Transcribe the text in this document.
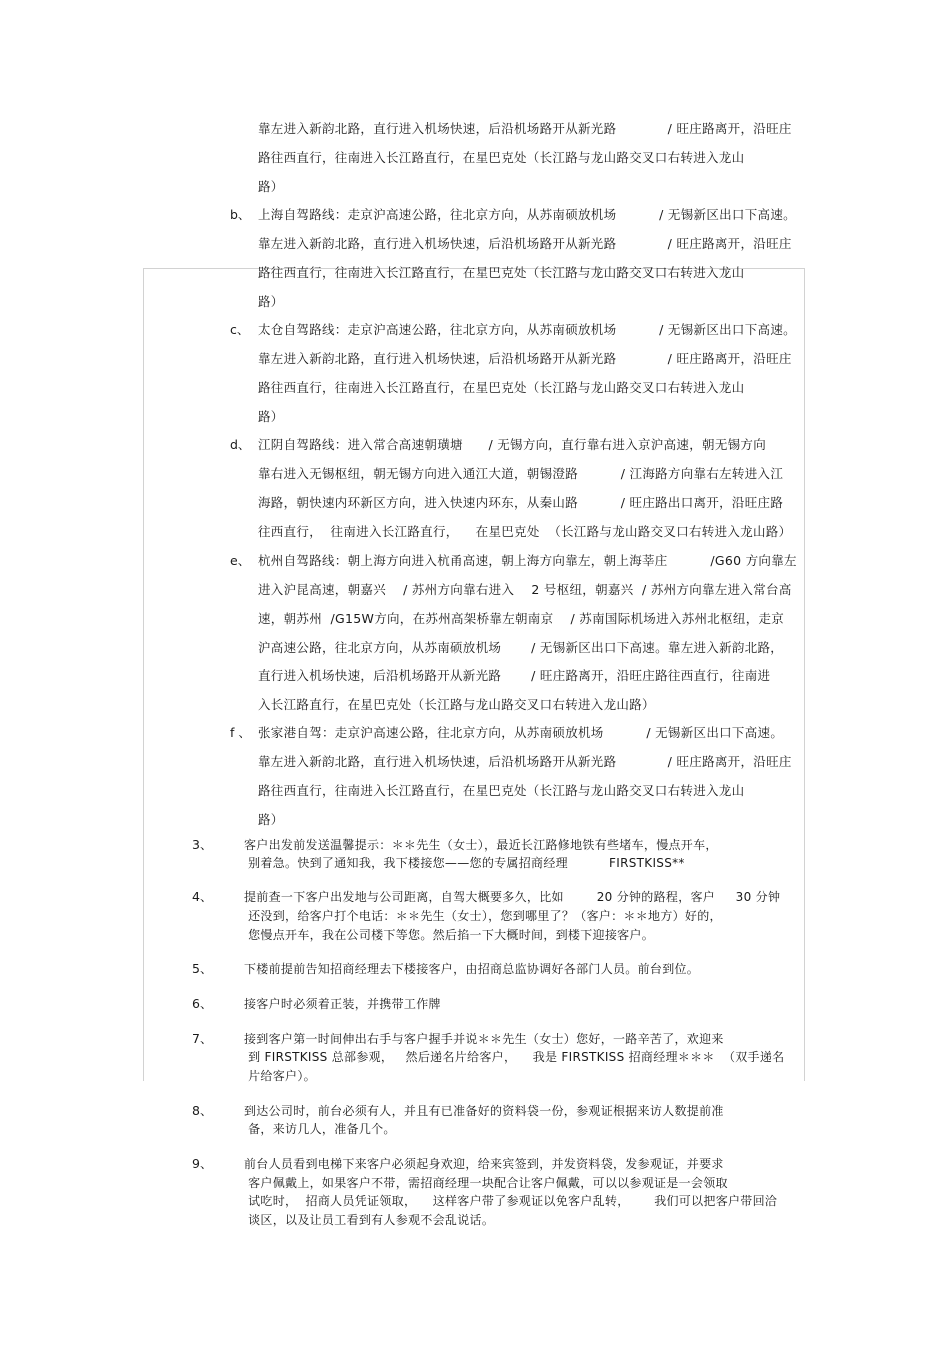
靠左进入新韵北路，直行进入机场快速，后沿机场路开从新光路            / 旺庄路离开，沿旺庄
路往西直行，往南进入长江路直行，在星巴克处（长江路与龙山路交叉口右转进入龙山
路）
b、 上海自驾路线：走京沪高速公路，往北京方向，从苏南硕放机场          / 无锡新区出口下高速。
靠左进入新韵北路，直行进入机场快速，后沿机场路开从新光路            / 旺庄路离开，沿旺庄
路往西直行，往南进入长江路直行，在星巴克处（长江路与龙山路交叉口右转进入龙山
路）
c、 太仓自驾路线：走京沪高速公路，往北京方向，从苏南硕放机场          / 无锡新区出口下高速。
靠左进入新韵北路，直行进入机场快速，后沿机场路开从新光路            / 旺庄路离开，沿旺庄
路往西直行，往南进入长江路直行，在星巴克处（长江路与龙山路交叉口右转进入龙山
路）
d、 江阴自驾路线：进入常合高速朝璜塘      / 无锡方向，直行靠右进入京沪高速，朝无锡方向
靠右进入无锡枢纽，朝无锡方向进入通江大道，朝锡澄路          / 江海路方向靠右左转进入江
海路，朝快速内环新区方向，进入快速内环东，从秦山路          / 旺庄路出口离开，沿旺庄路
往西直行，  往南进入长江路直行，    在星巴克处  （长江路与龙山路交叉口右转进入龙山路）
e、 杭州自驾路线：朝上海方向进入杭甬高速，朝上海方向靠左，朝上海莘庄          /G60 方向靠左
进入沪昆高速，朝嘉兴    / 苏州方向靠右进入    2 号枢纽，朝嘉兴  / 苏州方向靠左进入常台高
速，朝苏州  /G15W方向，在苏州高架桥靠左朝南京    / 苏南国际机场进入苏州北枢纽，走京
沪高速公路，往北京方向，从苏南硕放机场       / 无锡新区出口下高速。靠左进入新韵北路，
直行进入机场快速，后沿机场路开从新光路       / 旺庄路离开，沿旺庄路往西直行，往南进
入长江路直行，在星巴克处（长江路与龙山路交叉口右转进入龙山路）
f 、 张家港自驾：走京沪高速公路，往北京方向，从苏南硕放机场          / 无锡新区出口下高速。
靠左进入新韵北路，直行进入机场快速，后沿机场路开从新光路            / 旺庄路离开，沿旺庄
路往西直行，往南进入长江路直行，在星巴克处（长江路与龙山路交叉口右转进入龙山
路）
3、	客户出发前发送温馨提示：＊＊先生（女士），最近长江路修地铁有些堵车，慢点开车，
别着急。快到了通知我，我下楼接您——您的专属招商经理          FIRSTKISS**
4、	提前查一下客户出发地与公司距离，自驾大概要多久，比如        20 分钟的路程，客户     30 分钟
还没到，给客户打个电话：＊＊先生（女士），您到哪里了？（客户：＊＊地方）好的，
您慢点开车，我在公司楼下等您。然后掐一下大概时间，到楼下迎接客户。
5、	下楼前提前告知招商经理去下楼接客户，由招商总监协调好各部门人员。前台到位。
6、	接客户时必须着正装，并携带工作牌
7、	接到客户第一时间伸出右手与客户握手并说＊＊先生（女士）您好，一路辛苦了，欢迎来
到 FIRSTKISS 总部参观，   然后递名片给客户，    我是 FIRSTKISS 招商经理＊＊＊  （双手递名
片给客户）。
8、	到达公司时，前台必须有人，并且有已准备好的资料袋一份，参观证根据来访人数提前准
备，来访几人，准备几个。
9、	前台人员看到电梯下来客户必须起身欢迎，给来宾签到，并发资料袋，发参观证，并要求
客户佩戴上，如果客户不带，需招商经理一块配合让客户佩戴，可以以参观证是一会领取
试吃时，  招商人员凭证领取，    这样客户带了参观证以免客户乱转，      我们可以把客户带回洽
谈区，以及让员工看到有人参观不会乱说话。
